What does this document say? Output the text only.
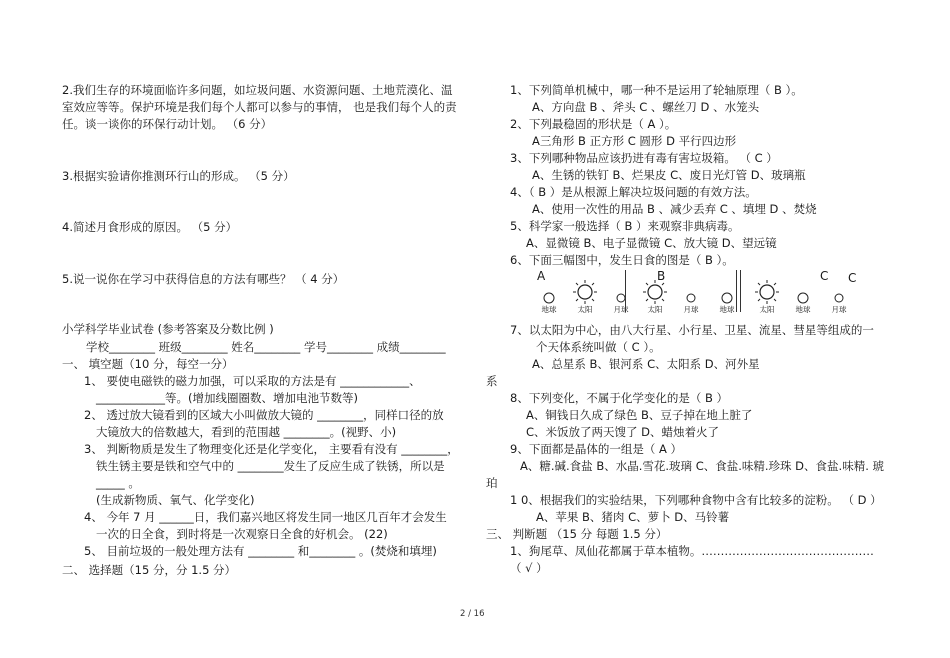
2.我们生存的环境面临许多问题，如垃圾问题、水资源问题、土地荒漠化、温
室效应等等。保护环境是我们每个人都可以参与的事情， 也是我们每个人的责
任。谈一谈你的环保行动计划。 （6 分）
3.根据实验请你推测环行山的形成。 （5 分）
4.简述月食形成的原因。 （5 分）
5.说一说你在学习中获得信息的方法有哪些？ （ 4 分）
小学科学毕业试卷 (参考答案及分数比例 )
学校________ 班级________ 姓名________ 学号________ 成绩________
一、 填空题（10 分，每空一分）
1、 要使电磁铁的磁力加强，可以采取的方法是有 ____________、
____________等。(增加线圈圈数、增加电池节数等)
2、 透过放大镜看到的区域大小叫做放大镜的 ________，同样口径的放
大镜放大的倍数越大，看到的范围越 ________。(视野、小)
3、 判断物质是发生了物理变化还是化学变化， 主要看有没有 ________，
铁生锈主要是铁和空气中的 ________发生了反应生成了铁锈，所以是
_____ 。
(生成新物质、氧气、化学变化)
4、 今年 7 月 ______日，我们嘉兴地区将发生同一地区几百年才会发生
一次的日全食，到时将是一次观察日全食的好机会。 (22)
5、 目前垃圾的一般处理方法有 ________ 和________ 。(焚烧和填埋)
二、 选择题（15 分，分 1.5 分）
1、下列简单机械中，哪一种不是运用了轮轴原理（ B ）。
A、方向盘 B 、斧头 C 、螺丝刀 D 、水笼头
2、下列最稳固的形状是（ A ）。
A三角形 B 正方形 C 圆形 D 平行四边形
3、下列哪种物品应该扔进有毒有害垃圾箱。 （ C ）
A、生锈的铁钉 B、烂果皮 C、废日光灯管 D、玻璃瓶
4、（ B ）是从根源上解决垃圾问题的有效方法。
A、使用一次性的用品 B 、减少丢弃 C 、填埋 D 、焚烧
5、科学家一般选择（ B ）来观察非典病毒。
A、显微镜 B、电子显微镜 C、放大镜 D、望远镜
6、下面三幅图中，发生日食的图是（ B ）。
A
地球	太阳	月球
B
太阳	月球	地球
C C
太阳	地球	月球
7、以太阳为中心，由八大行星、小行星、卫星、流星、彗星等组成的一
个天体系统叫做（ C ）。
A、总星系 B、银河系 C、太阳系 D、河外星
系
8、下列变化，不属于化学变化的是（ B ）
A、铜钱日久成了绿色 B、豆子掉在地上脏了
C、米饭放了两天馊了 D、蜡烛着火了
9、下面都是晶体的一组是（ A ）
A、糖.碱.食盐 B、水晶.雪花.玻璃 C、食盐.味精.珍珠 D、食盐.味精. 琥
珀
1 0、根据我们的实验结果，下列哪种食物中含有比较多的淀粉。 （ D ）
A、苹果 B、猪肉 C、萝卜 D、马铃薯
三、 判断题 （15 分 每题 1.5 分）
1、狗尾草、凤仙花都属于草本植物。………………………………………
（ √ ）
2 / 16
